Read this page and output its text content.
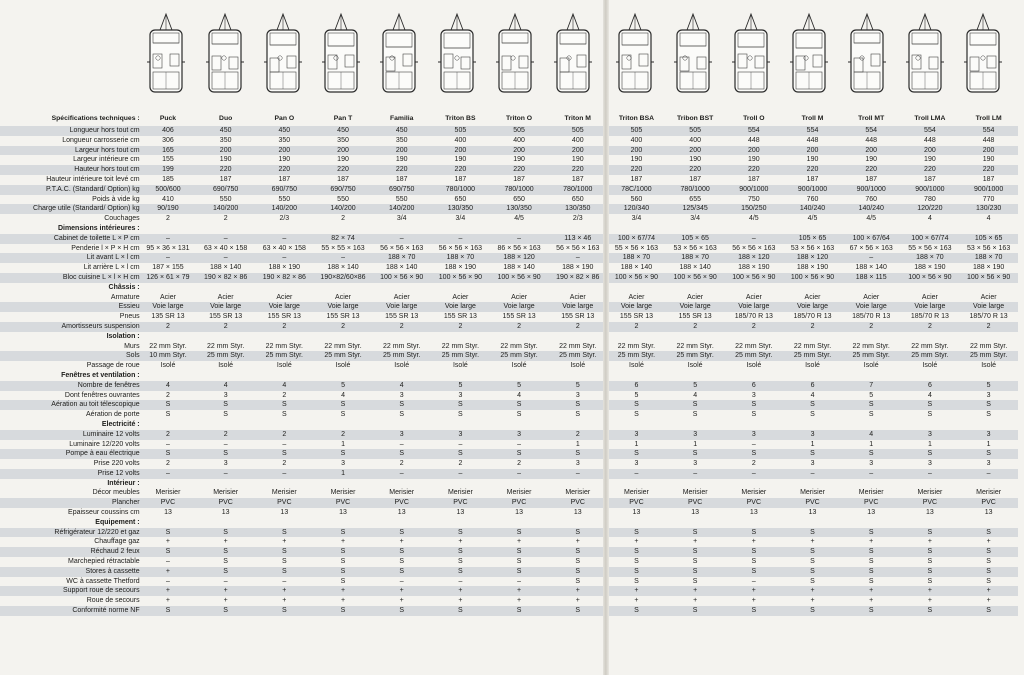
Spécifications techniques :	Puck	Duo	Pan O	Pan T	Familia	Triton BS	Triton O	Triton M	Triton BSA	Tribon BST	Troll O	Troll M	Troll MT	Troll LMA	Troll LM
Longueur hors tout cm	406	450	450	450	450	505	505	505	505	505	554	554	554	554	554
Longueur carrosserie cm	306	350	350	350	350	400	400	400	400	400	448	448	448	448	448
Largeur hors tout cm	165	200	200	200	200	200	200	200	200	200	200	200	200	200	200
Largeur intérieure cm	155	190	190	190	190	190	190	190	190	190	190	190	190	190	190
Hauteur hors tout cm	199	220	220	220	220	220	220	220	220	220	220	220	220	220	220
Hauteur intérieure toit levé cm	185	187	187	187	187	187	187	187	187	187	187	187	187	187	187
P.T.A.C. (Standard/ Option) kg	500/600	690/750	690/750	690/750	690/750	780/1000	780/1000	780/1000	78C/1000	780/1000	900/1000	900/1000	900/1000	900/1000	900/1000
Poids à vide kg	410	550	550	550	550	650	650	650	560	655	750	760	760	780	770
Charge utile (Standard/ Option) kg	90/190	140/200	140/200	140/200	140/200	130/350	130/350	130/350	120/340	125/345	150/250	140/240	140/240	120/220	130/230
Couchages	2	2	2/3	2	3/4	3/4	4/5	2/3	3/4	3/4	4/5	4/5	4/5	4	4
Dimensions intérieures :															
Cabinet de toilette L × P cm	–	–	–	82 × 74	–	–	–	113 × 46	100 × 67/74	105 × 65	–	105 × 65	100 × 67/64	100 × 67/74	105 × 65
Penderie l × P × H cm	95 × 36 × 131	63 × 40 × 158	63 × 40 × 158	55 × 55 × 163	56 × 56 × 163	56 × 56 × 163	86 × 56 × 163	56 × 56 × 163	55 × 56 × 163	53 × 56 × 163	56 × 56 × 163	53 × 56 × 163	67 × 56 × 163	55 × 56 × 163	53 × 56 × 163
Lit avant L × l cm	–	–	–	–	188 × 70	188 × 70	188 × 120	–	188 × 70	188 × 70	188 × 120	188 × 120	–	188 × 70	188 × 70
Lit arrière L × l cm	187 × 155	188 × 140	188 × 190	188 × 140	188 × 140	188 × 190	188 × 140	188 × 190	188 × 140	188 × 140	188 × 190	188 × 190	188 × 140	188 × 190	188 × 190
Bloc cuisine L × l × H cm	126 × 61 × 79	190 × 82 × 86	190 × 82 × 86	190×82/60×86	100 × 56 × 90	100 × 56 × 90	100 × 56 × 90	190 × 82 × 86	100 × 56 × 90	100 × 56 × 90	100 × 56 × 90	100 × 56 × 90	188 × 115	100 × 56 × 90	100 × 56 × 90
Châssis :															
Armature	Acier	Acier	Acier	Acier	Acier	Acier	Acier	Acier	Acier	Acier	Acier	Acier	Acier	Acier	Acier
Essieu	Voie large	Voie large	Voie large	Voie large	Voie large	Voie large	Voie large	Voie large	Voie large	Voie large	Voie large	Voie large	Voie large	Voie large	Voie large
Pneus	135 SR 13	155 SR 13	155 SR 13	155 SR 13	155 SR 13	155 SR 13	155 SR 13	155 SR 13	155 SR 13	155 SR 13	185/70 R 13	185/70 R 13	185/70 R 13	185/70 R 13	185/70 R 13
Amortisseurs suspension	2	2	2	2	2	2	2	2	2	2	2	2	2	2	2
Isolation :															
Murs	22 mm Styr.	22 mm Styr.	22 mm Styr.	22 mm Styr.	22 mm Styr.	22 mm Styr.	22 mm Styr.	22 mm Styr.	22 mm Styr.	22 mm Styr.	22 mm Styr.	22 mm Styr.	22 mm Styr.	22 mm Styr.	22 mm Styr.
Sols	10 mm Styr.	25 mm Styr.	25 mm Styr.	25 mm Styr.	25 mm Styr.	25 mm Styr.	25 mm Styr.	25 mm Styr.	25 mm Styr.	25 mm Styr.	25 mm Styr.	25 mm Styr.	25 mm Styr.	25 mm Styr.	25 mm Styr.
Passage de roue	Isolé	Isolé	Isolé	Isolé	Isolé	Isolé	Isolé	Isolé	Isolé	Isolé	Isolé	Isolé	Isolé	Isolé	Isolé
Fenêtres et ventilation :															
Nombre de fenêtres	4	4	4	5	4	5	5	5	6	5	6	6	7	6	5
Dont fenêtres ouvrantes	2	3	2	4	3	3	4	3	5	4	3	4	5	4	3
Aération au toit télescopique	S	S	S	S	S	S	S	S	S	S	S	S	S	S	S
Aération de porte	S	S	S	S	S	S	S	S	S	S	S	S	S	S	S
Electricité :															
Luminaire 12 volts	2	2	2	2	3	3	3	2	3	3	3	3	4	3	3
Luminaire 12/220 volts	–	–	–	1	–	–	–	1	1	1	–	1	1	1	1
Pompe à eau électrique	S	S	S	S	S	S	S	S	S	S	S	S	S	S	S
Prise 220 volts	2	3	2	3	2	2	2	3	3	3	2	3	3	3	3
Prise 12 volts	–	–	–	1	–	–	–	–	–	–	–	–	–	–	–
Intérieur :															
Décor meubles	Merisier	Merisier	Merisier	Merisier	Merisier	Merisier	Merisier	Merisier	Merisier	Merisier	Merisier	Merisier	Merisier	Merisier	Merisier
Plancher	PVC	PVC	PVC	PVC	PVC	PVC	PVC	PVC	PVC	PVC	PVC	PVC	PVC	PVC	PVC
Epaisseur coussins cm	13	13	13	13	13	13	13	13	13	13	13	13	13	13	13
Equipement :															
Réfrigérateur 12/220 et gaz	S	S	S	S	S	S	S	S	S	S	S	S	S	S	S
Chauffage gaz	+	+	+	+	+	+	+	+	+	+	+	+	+	+	+
Réchaud 2 feux	S	S	S	S	S	S	S	S	S	S	S	S	S	S	S
Marchepied rétractable	–	S	S	S	S	S	S	S	S	S	S	S	S	S	S
Stores à cassette	+	S	S	S	S	S	S	S	S	S	S	S	S	S	S
WC à cassette Thetford	–	–	–	S	–	–	–	S	S	S	–	S	S	S	S
Support roue de secours	+	+	+	+	+	+	+	+	+	+	+	+	+	+	+
Roue de secours	+	+	+	+	+	+	+	+	+	+	+	+	+	+	+
Conformité norme NF	S	S	S	S	S	S	S	S	S	S	S	S	S	S	S
